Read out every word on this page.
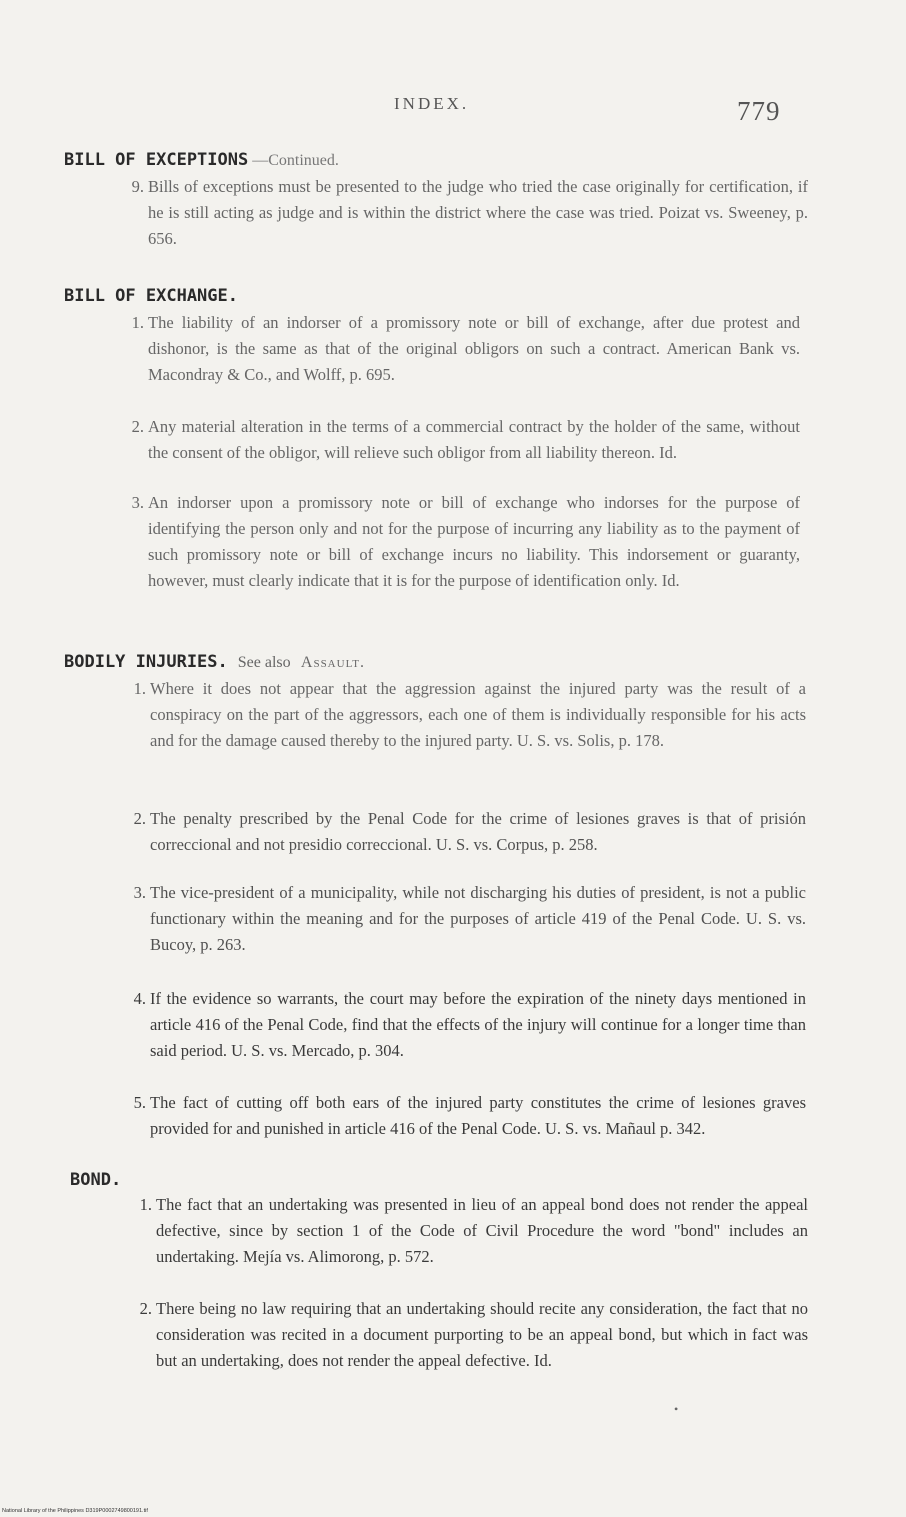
INDEX.	779
BILL OF EXCEPTIONS —Continued.
9. Bills of exceptions must be presented to the judge who tried the case originally for certification, if he is still acting as judge and is within the district where the case was tried. Poizat vs. Sweeney, p. 656.
BILL OF EXCHANGE.
1. The liability of an indorser of a promissory note or bill of exchange, after due protest and dishonor, is the same as that of the original obligors on such a contract. American Bank vs. Macondray & Co., and Wolff, p. 695.
2. Any material alteration in the terms of a commercial contract by the holder of the same, without the consent of the obligor, will relieve such obligor from all liability thereon. Id.
3. An indorser upon a promissory note or bill of exchange who indorses for the purpose of identifying the person only and not for the purpose of incurring any liability as to the payment of such promissory note or bill of exchange incurs no liability. This indorsement or guaranty, however, must clearly indicate that it is for the purpose of identification only. Id.
BODILY INJURIES. See also Assault.
1. Where it does not appear that the aggression against the injured party was the result of a conspiracy on the part of the aggressors, each one of them is individually responsible for his acts and for the damage caused thereby to the injured party. U. S. vs. Solis, p. 178.
2. The penalty prescribed by the Penal Code for the crime of lesiones graves is that of prisión correccional and not presidio correccional. U. S. vs. Corpus, p. 258.
3. The vice-president of a municipality, while not discharging his duties of president, is not a public functionary within the meaning and for the purposes of article 419 of the Penal Code. U. S. vs. Bucoy, p. 263.
4. If the evidence so warrants, the court may before the expiration of the ninety days mentioned in article 416 of the Penal Code, find that the effects of the injury will continue for a longer time than said period. U. S. vs. Mercado, p. 304.
5. The fact of cutting off both ears of the injured party constitutes the crime of lesiones graves provided for and punished in article 416 of the Penal Code. U. S. vs. Mañaul p. 342.
BOND.
1. The fact that an undertaking was presented in lieu of an appeal bond does not render the appeal defective, since by section 1 of the Code of Civil Procedure the word "bond" includes an undertaking. Mejía vs. Alimorong, p. 572.
2. There being no law requiring that an undertaking should recite any consideration, the fact that no consideration was recited in a document purporting to be an appeal bond, but which in fact was but an undertaking, does not render the appeal defective. Id.
•
National Library of the Philippines D319P0002749800191.tif
